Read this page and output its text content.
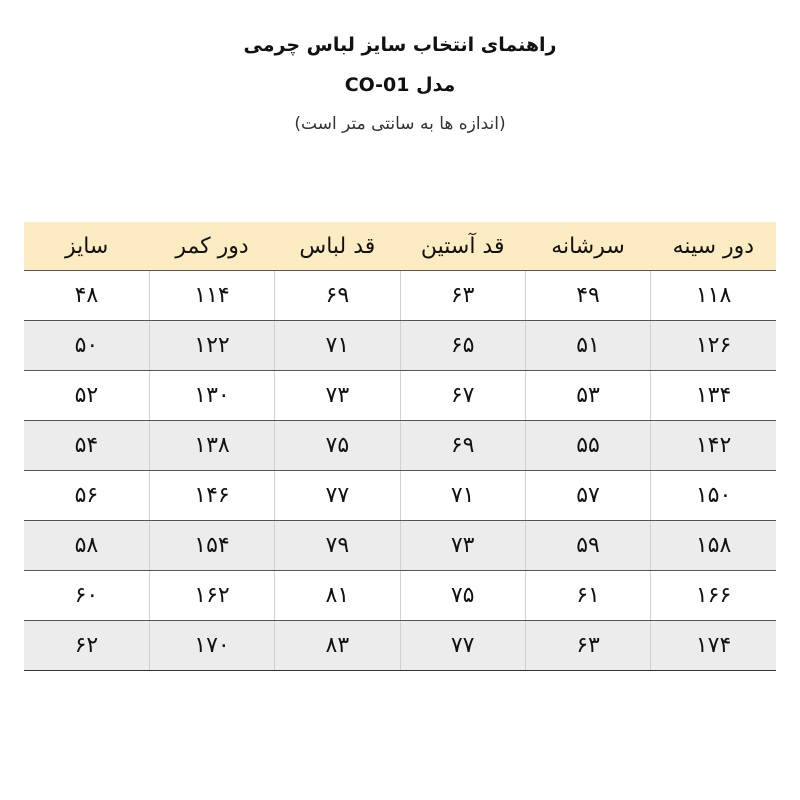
راهنمای انتخاب سایز لباس چرمی
مدل CO-01
(اندازه ها به سانتی متر است)
دور سینه	سرشانه	قد آستین	قد لباس	دور کمر	سایز
۱۱۸	۴۹	۶۳	۶۹	۱۱۴	۴۸
۱۲۶	۵۱	۶۵	۷۱	۱۲۲	۵۰
۱۳۴	۵۳	۶۷	۷۳	۱۳۰	۵۲
۱۴۲	۵۵	۶۹	۷۵	۱۳۸	۵۴
۱۵۰	۵۷	۷۱	۷۷	۱۴۶	۵۶
۱۵۸	۵۹	۷۳	۷۹	۱۵۴	۵۸
۱۶۶	۶۱	۷۵	۸۱	۱۶۲	۶۰
۱۷۴	۶۳	۷۷	۸۳	۱۷۰	۶۲
